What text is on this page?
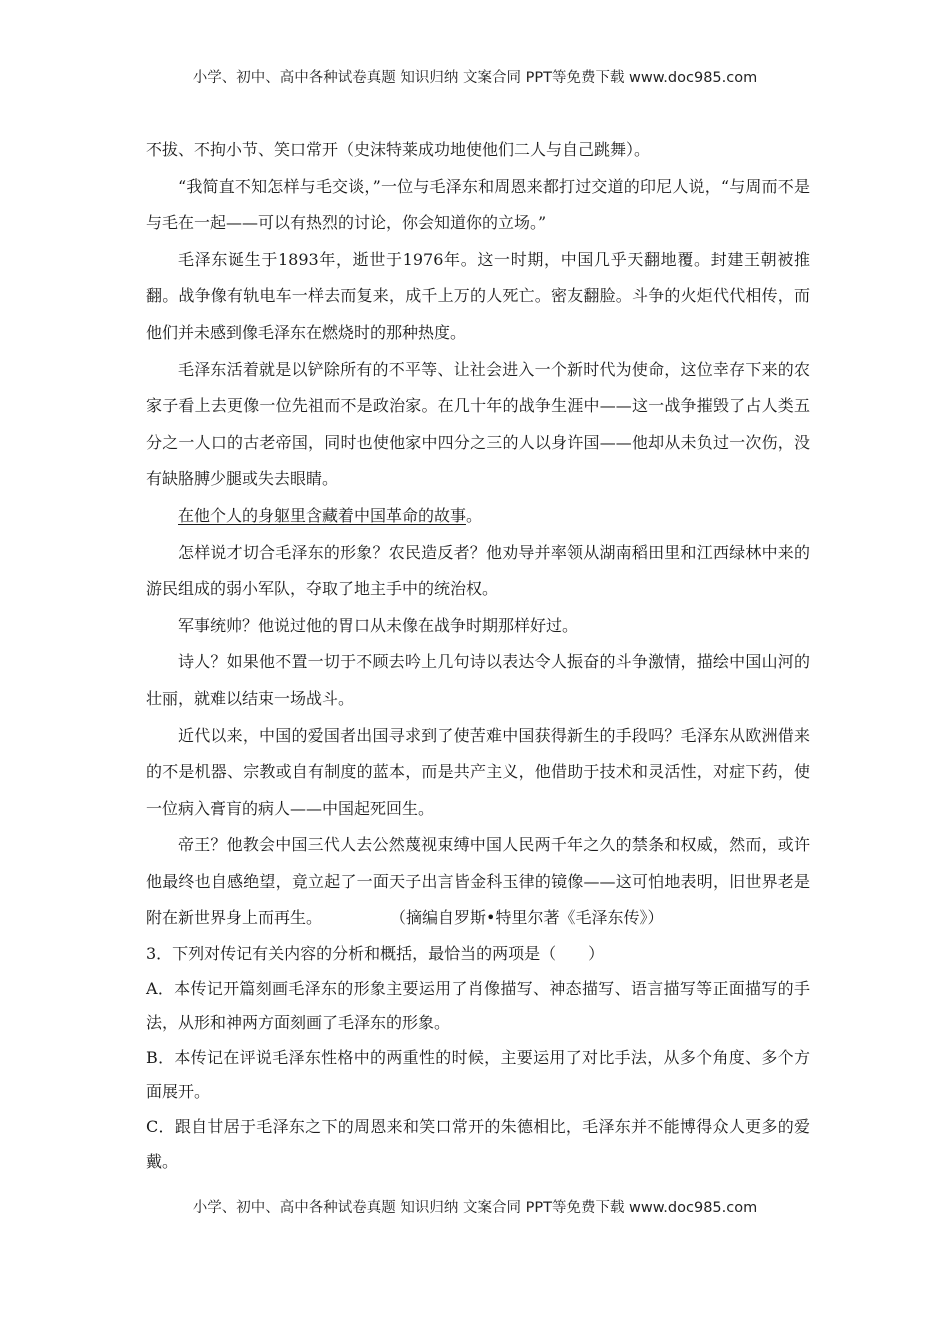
小学、初中、高中各种试卷真题 知识归纳 文案合同 PPT等免费下载 www.doc985.com

不拔、不拘小节、笑口常开（史沫特莱成功地使他们二人与自己跳舞）。

“我简直不知怎样与毛交谈，”一位与毛泽东和周恩来都打过交道的印尼人说，“与周而不是与毛在一起——可以有热烈的讨论，你会知道你的立场。”

毛泽东诞生于1893年，逝世于1976年。这一时期，中国几乎天翻地覆。封建王朝被推翻。战争像有轨电车一样去而复来，成千上万的人死亡。密友翻脸。斗争的火炬代代相传，而他们并未感到像毛泽东在燃烧时的那种热度。

毛泽东活着就是以铲除所有的不平等、让社会进入一个新时代为使命，这位幸存下来的农家子看上去更像一位先祖而不是政治家。在几十年的战争生涯中——这一战争摧毁了占人类五分之一人口的古老帝国，同时也使他家中四分之三的人以身许国——他却从未负过一次伤，没有缺胳膊少腿或失去眼睛。

在他个人的身躯里含藏着中国革命的故事。

怎样说才切合毛泽东的形象？农民造反者？他劝导并率领从湖南稻田里和江西绿林中来的游民组成的弱小军队，夺取了地主手中的统治权。

军事统帅？他说过他的胃口从未像在战争时期那样好过。

诗人？如果他不置一切于不顾去吟上几句诗以表达令人振奋的斗争激情，描绘中国山河的壮丽，就难以结束一场战斗。

近代以来，中国的爱国者出国寻求到了使苦难中国获得新生的手段吗？毛泽东从欧洲借来的不是机器、宗教或自有制度的蓝本，而是共产主义，他借助于技术和灵活性，对症下药，使一位病入膏肓的病人——中国起死回生。

帝王？他教会中国三代人去公然蔑视束缚中国人民两千年之久的禁条和权威，然而，或许他最终也自感绝望，竟立起了一面天子出言皆金科玉律的镜像——这可怕地表明，旧世界老是附在新世界身上而再生。	（摘编自罗斯•特里尔著《毛泽东传》）

3．下列对传记有关内容的分析和概括，最恰当的两项是（　　）

A．本传记开篇刻画毛泽东的形象主要运用了肖像描写、神态描写、语言描写等正面描写的手法，从形和神两方面刻画了毛泽东的形象。

B．本传记在评说毛泽东性格中的两重性的时候，主要运用了对比手法，从多个角度、多个方面展开。

C．跟自甘居于毛泽东之下的周恩来和笑口常开的朱德相比，毛泽东并不能博得众人更多的爱戴。

小学、初中、高中各种试卷真题 知识归纳 文案合同 PPT等免费下载 www.doc985.com
